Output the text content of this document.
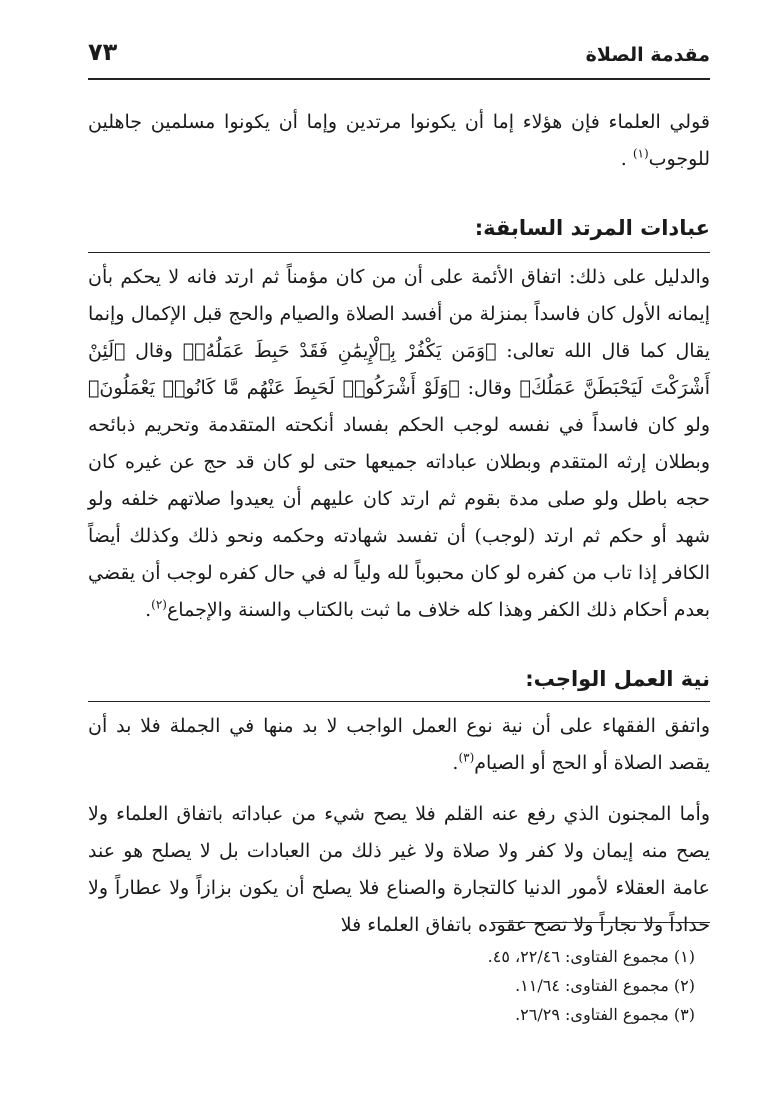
مقدمة الصلاة
٧٣

قولي العلماء فإن هؤلاء إما أن يكونوا مرتدين وإما أن يكونوا مسلمين جاهلين للوجوب$^{(١)}$ .

عبادات المرتد السابقة:

والدليل على ذلك: اتفاق الأئمة على أن من كان مؤمناً ثم ارتد فانه لا يحكم بأن إيمانه الأول كان فاسداً بمنزلة من أفسد الصلاة والصيام والحج قبل الإكمال وإنما يقال كما قال الله تعالى: ﴿وَمَن يَكْفُرْ بِٱلْإِيمَٰنِ فَقَدْ حَبِطَ عَمَلُهُۥ﴾ وقال ﴿لَئِنْ أَشْرَكْتَ لَيَحْبَطَنَّ عَمَلُكَ﴾ وقال: ﴿وَلَوْ أَشْرَكُوا۟ لَحَبِطَ عَنْهُم مَّا كَانُوا۟ يَعْمَلُونَ﴾ ولو كان فاسداً في نفسه لوجب الحكم بفساد أنكحته المتقدمة وتحريم ذبائحه وبطلان إرثه المتقدم وبطلان عباداته جميعها حتى لو كان قد حج عن غيره كان حجه باطل ولو صلى مدة بقوم ثم ارتد كان عليهم أن يعيدوا صلاتهم خلفه ولو شهد أو حكم ثم ارتد (لوجب) أن تفسد شهادته وحكمه ونحو ذلك وكذلك أيضاً الكافر إذا تاب من كفره لو كان محبوباً لله ولياً له في حال كفره لوجب أن يقضي بعدم أحكام ذلك الكفر وهذا كله خلاف ما ثبت بالكتاب والسنة والإجماع$^{(٢)}$.

نية العمل الواجب:

واتفق الفقهاء على أن نية نوع العمل الواجب لا بد منها في الجملة فلا بد أن يقصد الصلاة أو الحج أو الصيام$^{(٣)}$.

وأما المجنون الذي رفع عنه القلم فلا يصح شيء من عباداته باتفاق العلماء ولا يصح منه إيمان ولا كفر ولا صلاة ولا غير ذلك من العبادات بل لا يصلح هو عند عامة العقلاء لأمور الدنيا كالتجارة والصناع فلا يصلح أن يكون بزازاً ولا عطاراً ولا حداداً ولا نجاراً ولا تصح عقوده باتفاق العلماء فلا

(١) مجموع الفتاوى: ٢٢/٤٦، ٤٥.

(٢) مجموع الفتاوى: ١١/٦٤.

(٣) مجموع الفتاوى: ٢٦/٢٩.
